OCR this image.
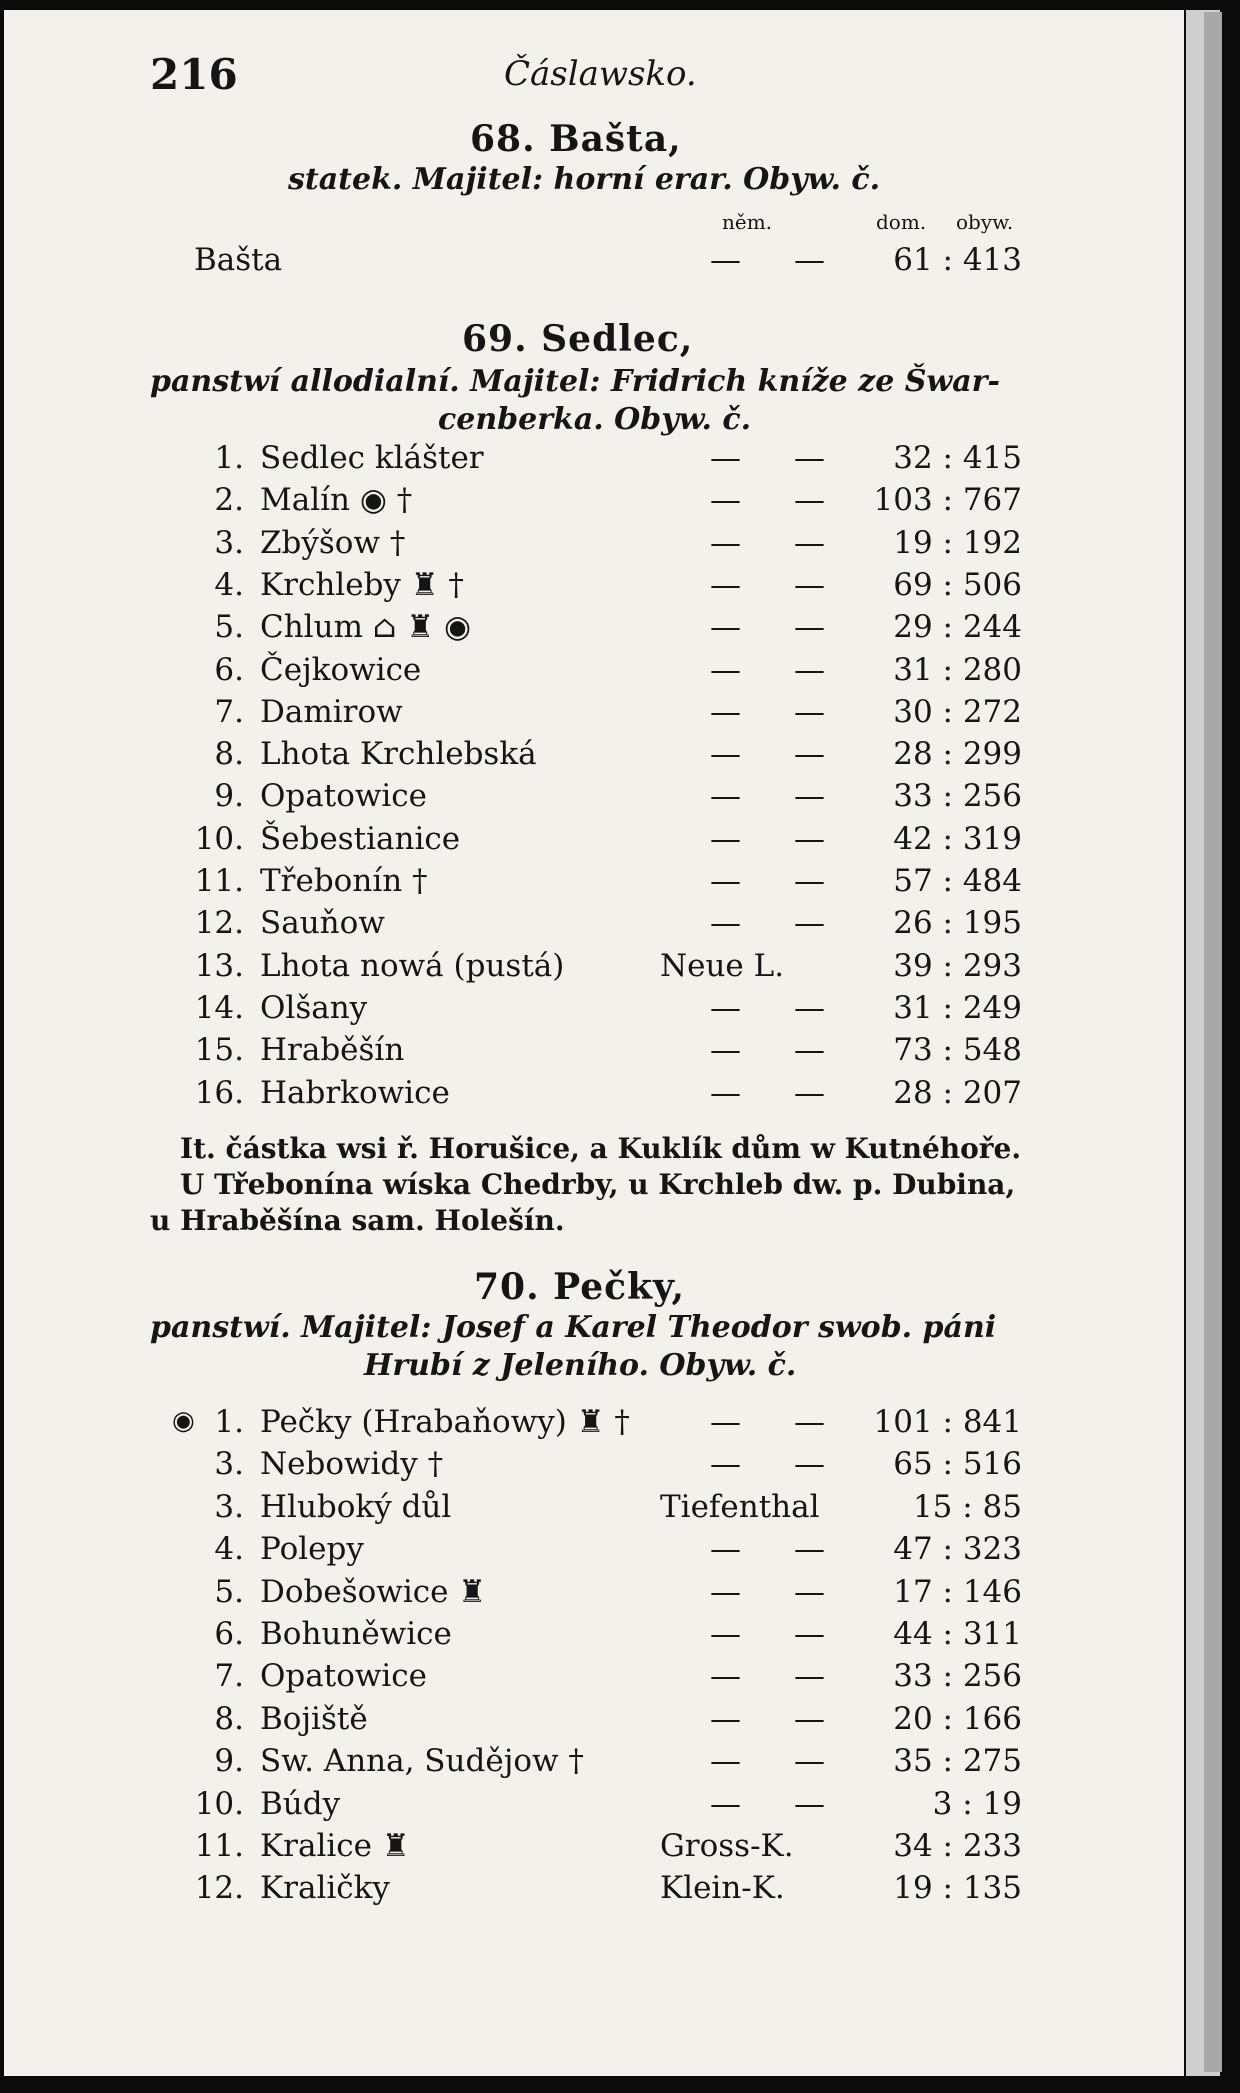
216	Čáslawsko.
68. Bašta,
statek. Majitel: horní erar. Obyw. č.
něm.	dom. obyw.
Bašta	— —	61 : 413
69. Sedlec,
panstwí allodialní. Majitel: Fridrich kníže ze Šwar-
cenberka. Obyw. č.
1. Sedlec klášter	— —	32 : 415
2. Malín ◉ †	— —	103 : 767
3. Zbýšow †	— —	19 : 192
4. Krchleby ♜ †	— —	69 : 506
5. Chlum ⌂ ♜ ◉	— —	29 : 244
6. Čejkowice	— —	31 : 280
7. Damirow	— —	30 : 272
8. Lhota Krchlebská	— —	28 : 299
9. Opatowice	— —	33 : 256
10. Šebestianice	— —	42 : 319
11. Třebonín †	— —	57 : 484
12. Sauňow	— —	26 : 195
13. Lhota nowá (pustá)	Neue L.	39 : 293
14. Olšany	— —	31 : 249
15. Hraběšín	— —	73 : 548
16. Habrkowice	— —	28 : 207
It. částka wsi ř. Horušice, a Kuklík dům w Kutnéhoře.
U Třebonína wíska Chedrby, u Krchleb dw. p. Dubina,
u Hraběšína sam. Holešín.
70. Pečky,
panstwí. Majitel: Josef a Karel Theodor swob. páni
Hrubí z Jeleního. Obyw. č.
◉ 1. Pečky (Hrabaňowy) ♜ †	— —	101 : 841
3. Nebowidy †	— —	65 : 516
3. Hluboký důl	Tiefenthal	15 : 85
4. Polepy	— —	47 : 323
5. Dobešowice ♜	— —	17 : 146
6. Bohuněwice	— —	44 : 311
7. Opatowice	— —	33 : 256
8. Bojiště	— —	20 : 166
9. Sw. Anna, Sudějow †	— —	35 : 275
10. Búdy	— —	3 : 19
11. Kralice ♜	Gross-K.	34 : 233
12. Kraličky	Klein-K.	19 : 135
